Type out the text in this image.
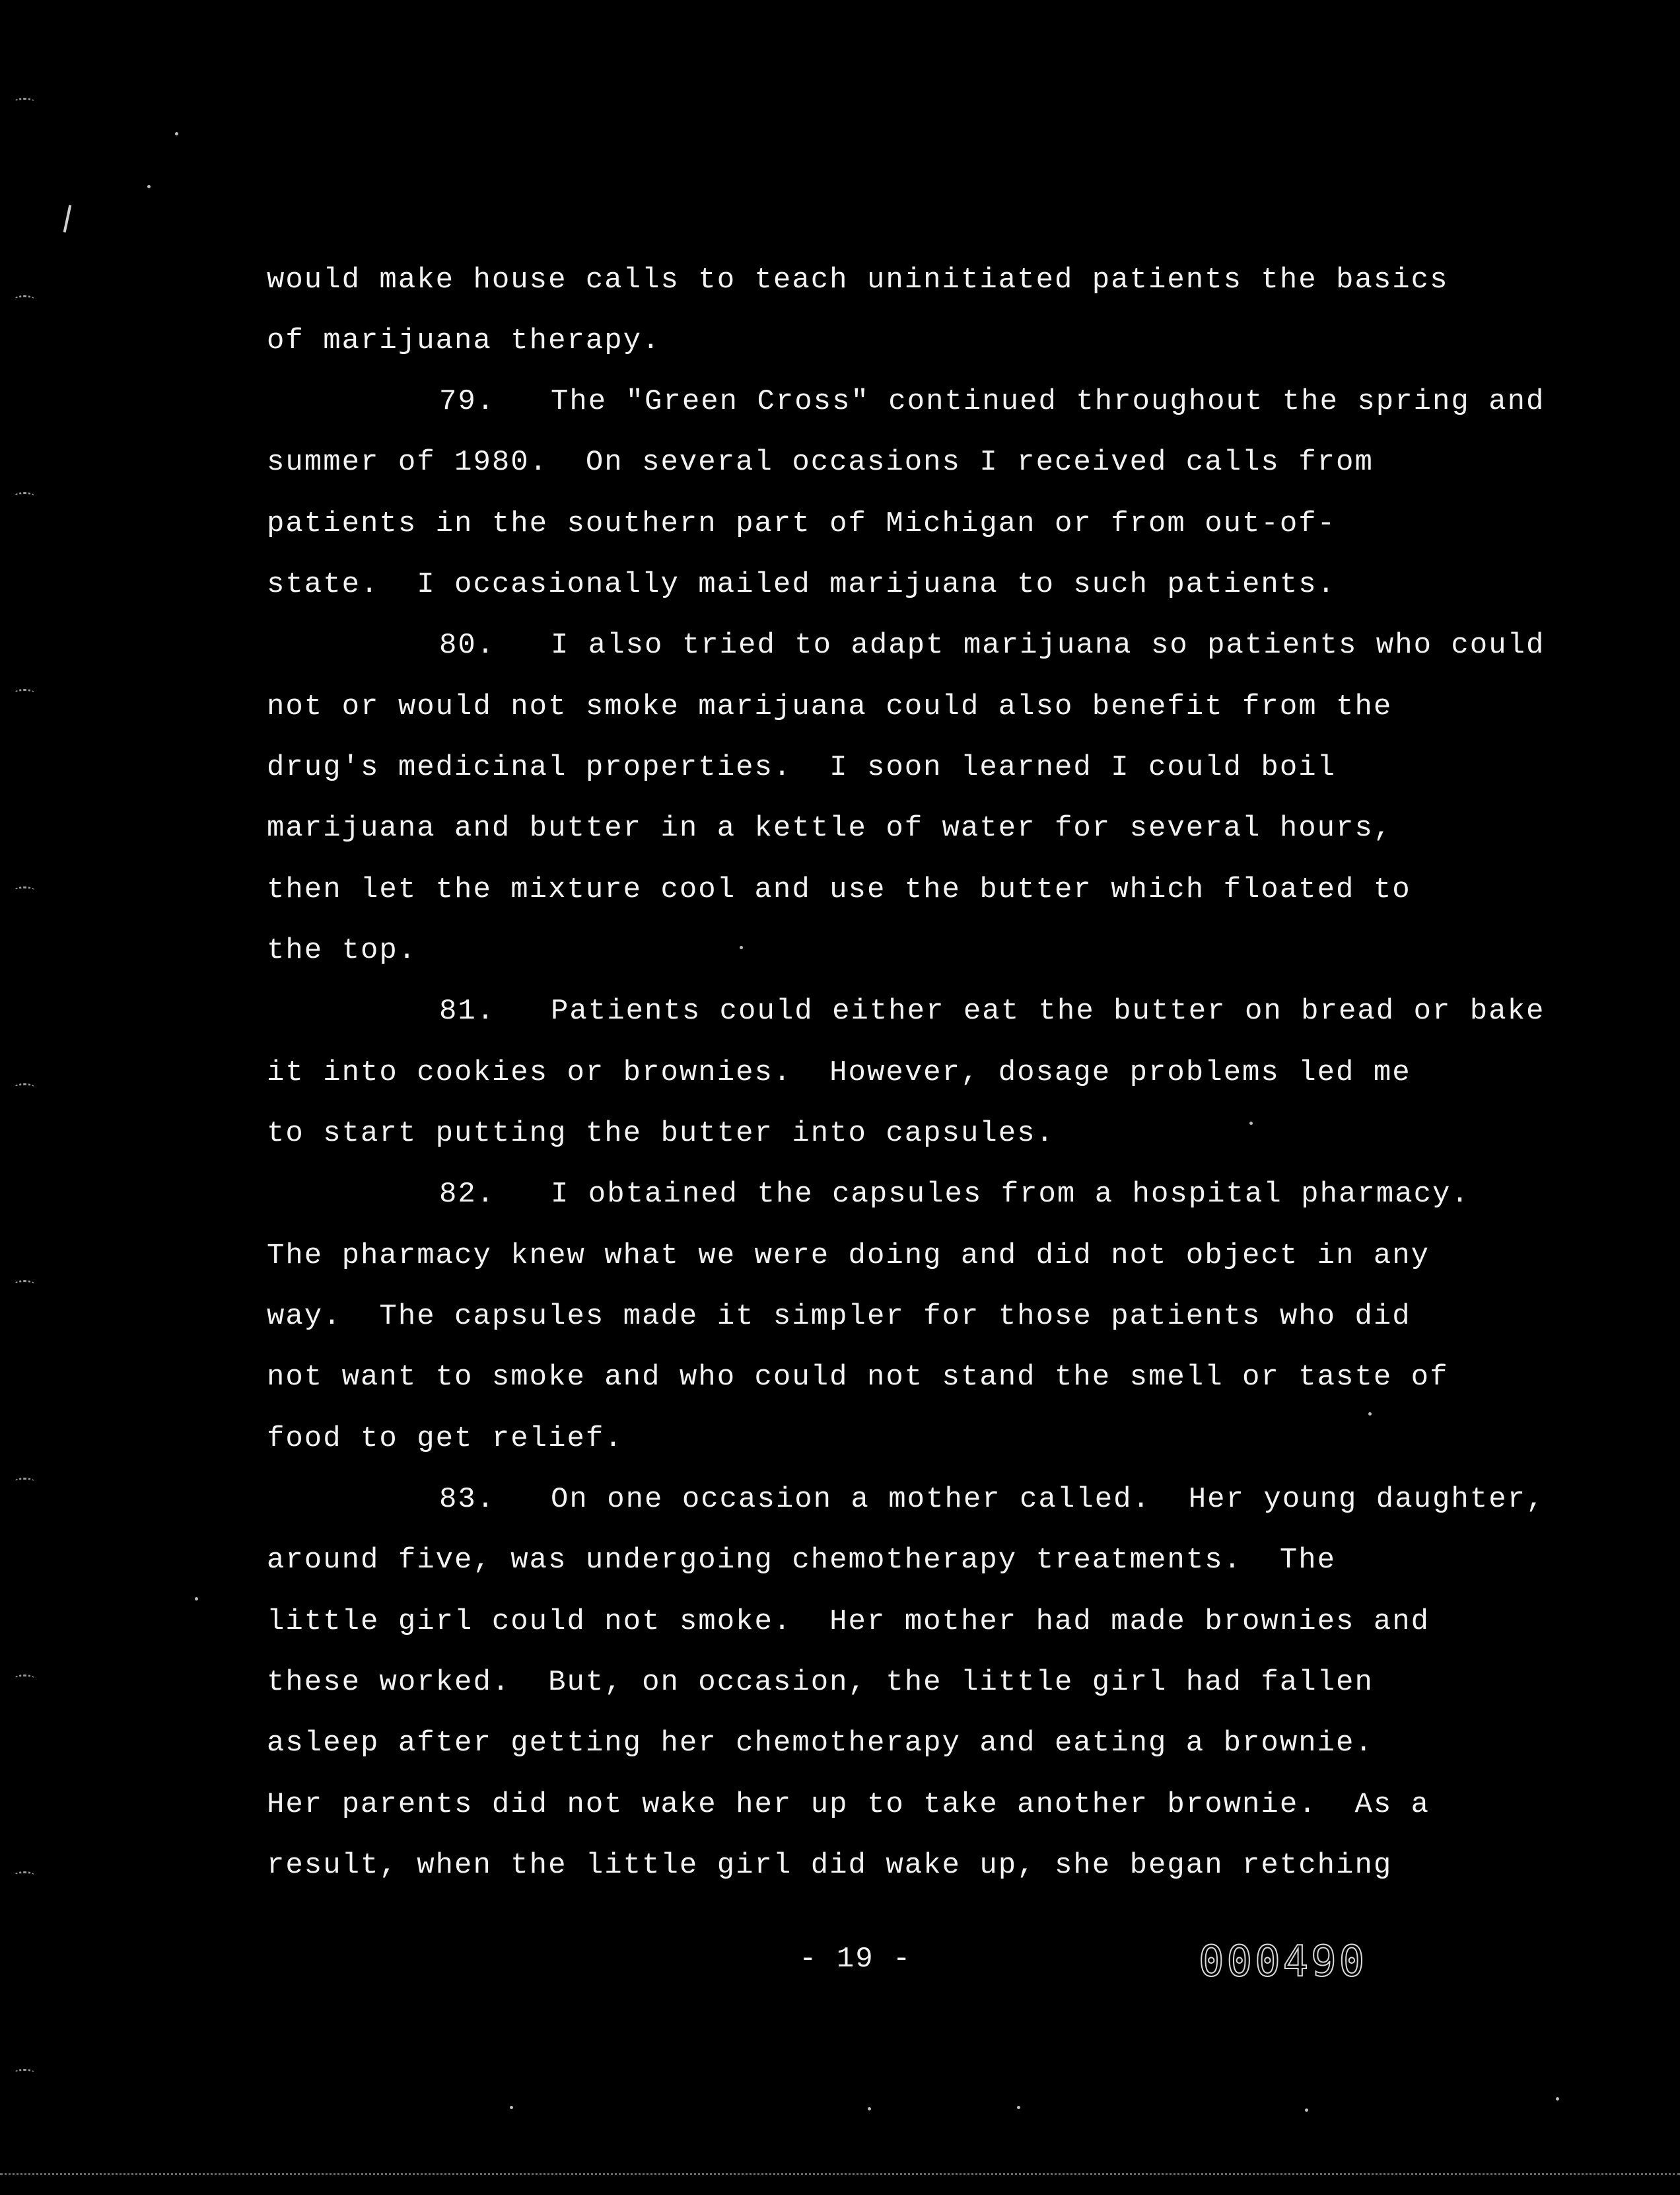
would make house calls to teach uninitiated patients the basics
of marijuana therapy.
79. The "Green Cross" continued throughout the spring and
summer of 1980.  On several occasions I received calls from
patients in the southern part of Michigan or from out-of-
state.  I occasionally mailed marijuana to such patients.
80. I also tried to adapt marijuana so patients who could
not or would not smoke marijuana could also benefit from the
drug's medicinal properties.  I soon learned I could boil
marijuana and butter in a kettle of water for several hours,
then let the mixture cool and use the butter which floated to
the top.
81. Patients could either eat the butter on bread or bake
it into cookies or brownies.  However, dosage problems led me
to start putting the butter into capsules.
82. I obtained the capsules from a hospital pharmacy.
The pharmacy knew what we were doing and did not object in any
way.  The capsules made it simpler for those patients who did
not want to smoke and who could not stand the smell or taste of
food to get relief.
83. On one occasion a mother called.  Her young daughter,
around five, was undergoing chemotherapy treatments.  The
little girl could not smoke.  Her mother had made brownies and
these worked.  But, on occasion, the little girl had fallen
asleep after getting her chemotherapy and eating a brownie.
Her parents did not wake her up to take another brownie.  As a
result, when the little girl did wake up, she began retching
- 19 -	000490
